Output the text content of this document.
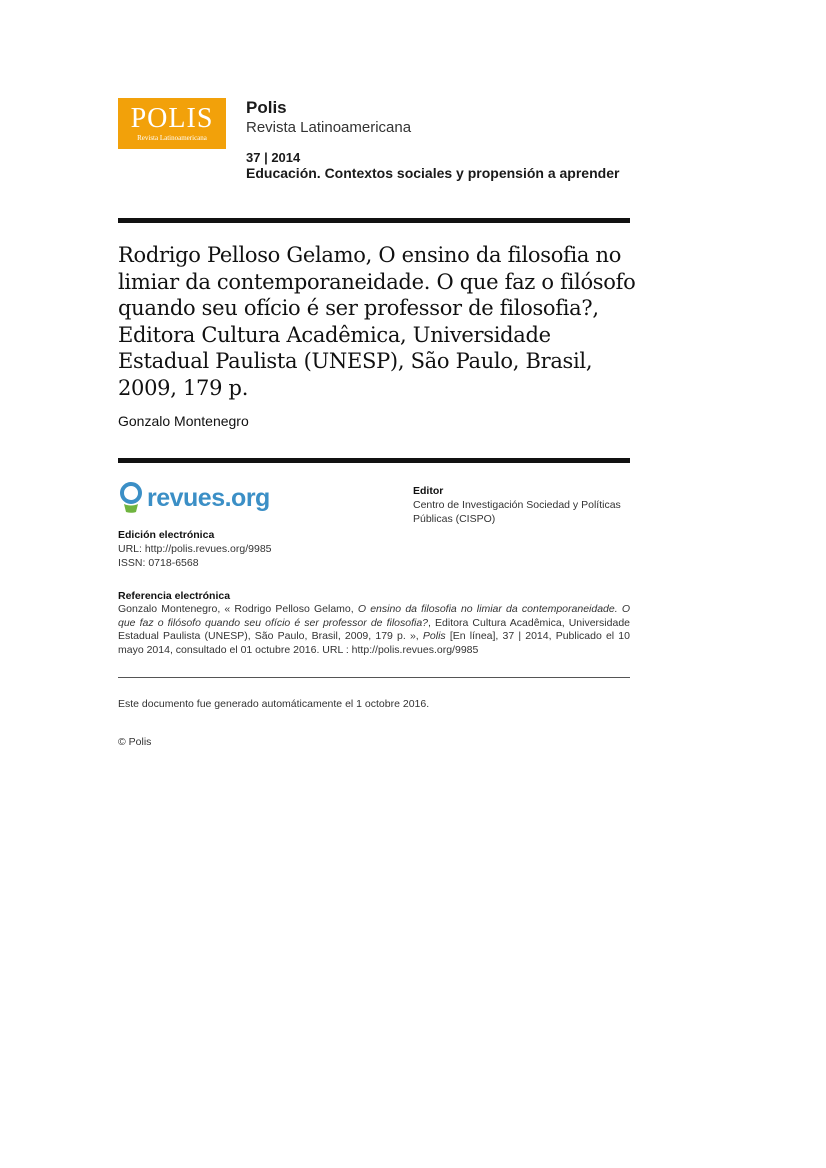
POLIS
Revista Latinoamericana
Polis
Revista Latinoamericana
37 | 2014
Educación. Contextos sociales y propensión a aprender
Rodrigo Pelloso Gelamo, O ensino da filosofia no limiar da contemporaneidade. O que faz o filósofo quando seu ofício é ser professor de filosofia?, Editora Cultura Acadêmica, Universidade Estadual Paulista (UNESP), São Paulo, Brasil, 2009, 179 p.
Gonzalo Montenegro
revues.org	Editor
Centro de Investigación Sociedad y Políticas Públicas (CISPO)
Edición electrónica
URL: http://polis.revues.org/9985
ISSN: 0718-6568
Referencia electrónica
Gonzalo Montenegro, « Rodrigo Pelloso Gelamo, O ensino da filosofia no limiar da contemporaneidade. O que faz o filósofo quando seu ofício é ser professor de filosofia?, Editora Cultura Acadêmica, Universidade Estadual Paulista (UNESP), São Paulo, Brasil, 2009, 179 p. », Polis [En línea], 37 | 2014, Publicado el 10 mayo 2014, consultado el 01 octubre 2016. URL : http://polis.revues.org/9985
Este documento fue generado automáticamente el 1 octobre 2016.
© Polis
